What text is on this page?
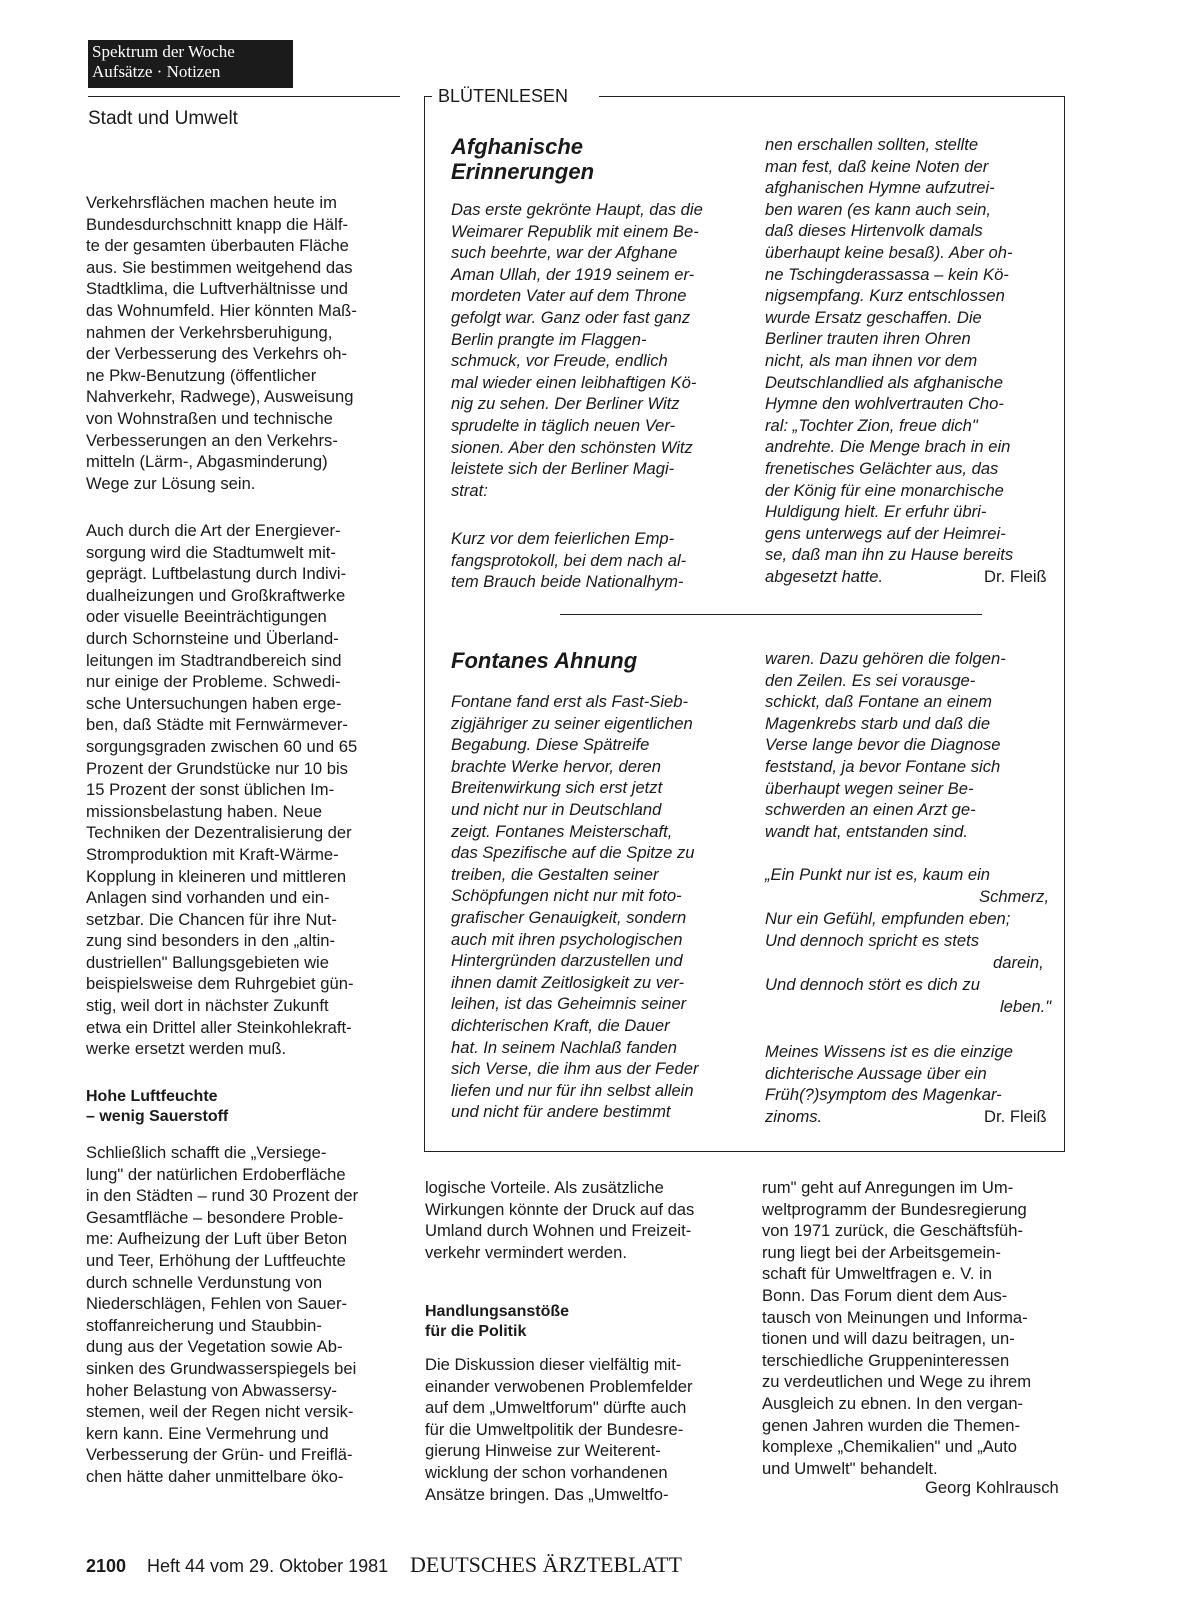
Spektrum der Woche
Aufsätze · Notizen
Stadt und Umwelt
Verkehrsflächen machen heute im
Bundesdurchschnitt knapp die Hälf-
te der gesamten überbauten Fläche
aus. Sie bestimmen weitgehend das
Stadtklima, die Luftverhältnisse und
das Wohnumfeld. Hier könnten Maß-
nahmen der Verkehrsberuhigung,
der Verbesserung des Verkehrs oh-
ne Pkw-Benutzung (öffentlicher
Nahverkehr, Radwege), Ausweisung
von Wohnstraßen und technische
Verbesserungen an den Verkehrs-
mitteln (Lärm-, Abgasminderung)
Wege zur Lösung sein.
Auch durch die Art der Energiever-
sorgung wird die Stadtumwelt mit-
geprägt. Luftbelastung durch Indivi-
dualheizungen und Großkraftwerke
oder visuelle Beeinträchtigungen
durch Schornsteine und Überland-
leitungen im Stadtrandbereich sind
nur einige der Probleme. Schwedi-
sche Untersuchungen haben erge-
ben, daß Städte mit Fernwärmever-
sorgungsgraden zwischen 60 und 65
Prozent der Grundstücke nur 10 bis
15 Prozent der sonst üblichen Im-
missionsbelastung haben. Neue
Techniken der Dezentralisierung der
Stromproduktion mit Kraft-Wärme-
Kopplung in kleineren und mittleren
Anlagen sind vorhanden und ein-
setzbar. Die Chancen für ihre Nut-
zung sind besonders in den „altin-
dustriellen" Ballungsgebieten wie
beispielsweise dem Ruhrgebiet gün-
stig, weil dort in nächster Zukunft
etwa ein Drittel aller Steinkohlekraft-
werke ersetzt werden muß.
Hohe Luftfeuchte
– wenig Sauerstoff
Schließlich schafft die „Versiege-
lung" der natürlichen Erdoberfläche
in den Städten – rund 30 Prozent der
Gesamtfläche – besondere Proble-
me: Aufheizung der Luft über Beton
und Teer, Erhöhung der Luftfeuchte
durch schnelle Verdunstung von
Niederschlägen, Fehlen von Sauer-
stoffanreicherung und Staubbin-
dung aus der Vegetation sowie Ab-
sinken des Grundwasserspiegels bei
hoher Belastung von Abwassersy-
stemen, weil der Regen nicht versik-
kern kann. Eine Vermehrung und
Verbesserung der Grün- und Freiflä-
chen hätte daher unmittelbare öko-
BLÜTENLESEN
Afghanische
Erinnerungen
Das erste gekrönte Haupt, das die
Weimarer Republik mit einem Be-
such beehrte, war der Afghane
Aman Ullah, der 1919 seinem er-
mordeten Vater auf dem Throne
gefolgt war. Ganz oder fast ganz
Berlin prangte im Flaggen-
schmuck, vor Freude, endlich
mal wieder einen leibhaftigen Kö-
nig zu sehen. Der Berliner Witz
sprudelte in täglich neuen Ver-
sionen. Aber den schönsten Witz
leistete sich der Berliner Magi-
strat:
Kurz vor dem feierlichen Emp-
fangsprotokoll, bei dem nach al-
tem Brauch beide Nationalhym-
nen erschallen sollten, stellte
man fest, daß keine Noten der
afghanischen Hymne aufzutrei-
ben waren (es kann auch sein,
daß dieses Hirtenvolk damals
überhaupt keine besaß). Aber oh-
ne Tschingderassassa – kein Kö-
nigsempfang. Kurz entschlossen
wurde Ersatz geschaffen. Die
Berliner trauten ihren Ohren
nicht, als man ihnen vor dem
Deutschlandlied als afghanische
Hymne den wohlvertrauten Cho-
ral: „Tochter Zion, freue dich"
andrehte. Die Menge brach in ein
frenetisches Gelächter aus, das
der König für eine monarchische
Huldigung hielt. Er erfuhr übri-
gens unterwegs auf der Heimrei-
se, daß man ihn zu Hause bereits
abgesetzt hatte.	Dr. Fleiß
Fontanes Ahnung
Fontane fand erst als Fast-Sieb-
zigjähriger zu seiner eigentlichen
Begabung. Diese Spätreife
brachte Werke hervor, deren
Breitenwirkung sich erst jetzt
und nicht nur in Deutschland
zeigt. Fontanes Meisterschaft,
das Spezifische auf die Spitze zu
treiben, die Gestalten seiner
Schöpfungen nicht nur mit foto-
grafischer Genauigkeit, sondern
auch mit ihren psychologischen
Hintergründen darzustellen und
ihnen damit Zeitlosigkeit zu ver-
leihen, ist das Geheimnis seiner
dichterischen Kraft, die Dauer
hat. In seinem Nachlaß fanden
sich Verse, die ihm aus der Feder
liefen und nur für ihn selbst allein
und nicht für andere bestimmt
waren. Dazu gehören die folgen-
den Zeilen. Es sei vorausge-
schickt, daß Fontane an einem
Magenkrebs starb und daß die
Verse lange bevor die Diagnose
feststand, ja bevor Fontane sich
überhaupt wegen seiner Be-
schwerden an einen Arzt ge-
wandt hat, entstanden sind.
„Ein Punkt nur ist es, kaum ein
Schmerz,
Nur ein Gefühl, empfunden eben;
Und dennoch spricht es stets
darein,
Und dennoch stört es dich zu
leben."
Meines Wissens ist es die einzige
dichterische Aussage über ein
Früh(?)symptom des Magenkar-
zinoms.	Dr. Fleiß
logische Vorteile. Als zusätzliche
Wirkungen könnte der Druck auf das
Umland durch Wohnen und Freizeit-
verkehr vermindert werden.
Handlungsanstöße
für die Politik
Die Diskussion dieser vielfältig mit-
einander verwobenen Problemfelder
auf dem „Umweltforum" dürfte auch
für die Umweltpolitik der Bundesre-
gierung Hinweise zur Weiterent-
wicklung der schon vorhandenen
Ansätze bringen. Das „Umweltfo-
rum" geht auf Anregungen im Um-
weltprogramm der Bundesregierung
von 1971 zurück, die Geschäftsfüh-
rung liegt bei der Arbeitsgemein-
schaft für Umweltfragen e. V. in
Bonn. Das Forum dient dem Aus-
tausch von Meinungen und Informa-
tionen und will dazu beitragen, un-
terschiedliche Gruppeninteressen
zu verdeutlichen und Wege zu ihrem
Ausgleich zu ebnen. In den vergan-
genen Jahren wurden die Themen-
komplexe „Chemikalien" und „Auto
und Umwelt" behandelt.
Georg Kohlrausch
2100 Heft 44 vom 29. Oktober 1981 DEUTSCHES ÄRZTEBLATT
